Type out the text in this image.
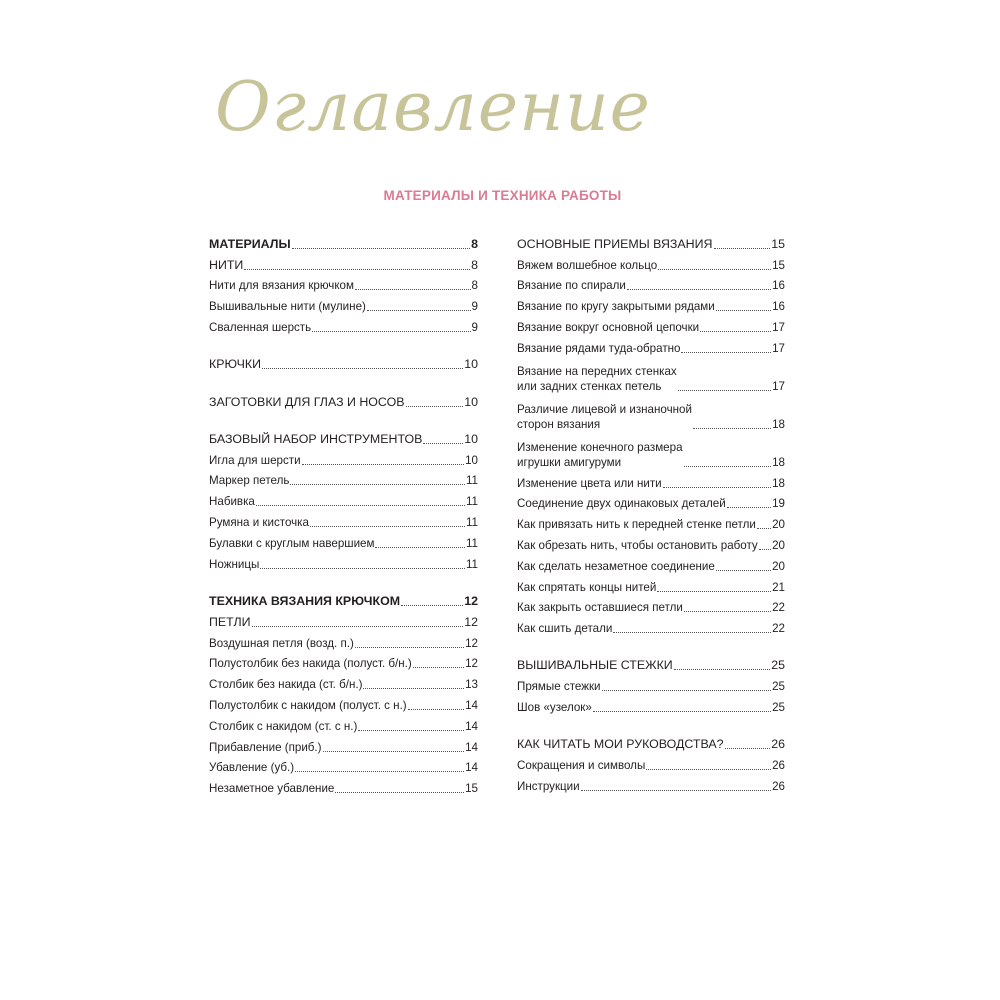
Оглавление
МАТЕРИАЛЫ И ТЕХНИКА РАБОТЫ
МАТЕРИАЛЫ	8
НИТИ	8
Нити для вязания крючком	8
Вышивальные нити (мулине)	9
Сваленная шерсть	9
КРЮЧКИ	10
ЗАГОТОВКИ ДЛЯ ГЛАЗ И НОСОВ	10
БАЗОВЫЙ НАБОР ИНСТРУМЕНТОВ	10
Игла для шерсти	10
Маркер петель	11
Набивка	11
Румяна и кисточка	11
Булавки с круглым навершием	11
Ножницы	11
ТЕХНИКА ВЯЗАНИЯ КРЮЧКОМ	12
ПЕТЛИ	12
Воздушная петля (возд. п.)	12
Полустолбик без накида (полуст. б/н.)	12
Столбик без накида (ст. б/н.)	13
Полустолбик с накидом (полуст. с н.)	14
Столбик с накидом (ст. с н.)	14
Прибавление (приб.)	14
Убавление (уб.)	14
Незаметное убавление	15
ОСНОВНЫЕ ПРИЕМЫ ВЯЗАНИЯ	15
Вяжем волшебное кольцо	15
Вязание по спирали	16
Вязание по кругу закрытыми рядами	16
Вязание вокруг основной цепочки	17
Вязание рядами туда-обратно	17
Вязание на передних стенках
или задних стенках петель	17
Различие лицевой и изнаночной
сторон вязания	18
Изменение конечного размера
игрушки амигуруми	18
Изменение цвета или нити	18
Соединение двух одинаковых деталей	19
Как привязать нить к передней стенке петли 20
Как обрезать нить, чтобы остановить работу 20
Как сделать незаметное соединение	20
Как спрятать концы нитей	21
Как закрыть оставшиеся петли	22
Как сшить детали	22
ВЫШИВАЛЬНЫЕ СТЕЖКИ	25
Прямые стежки	25
Шов «узелок»	25
КАК ЧИТАТЬ МОИ РУКОВОДСТВА?	26
Сокращения и символы	26
Инструкции	26
